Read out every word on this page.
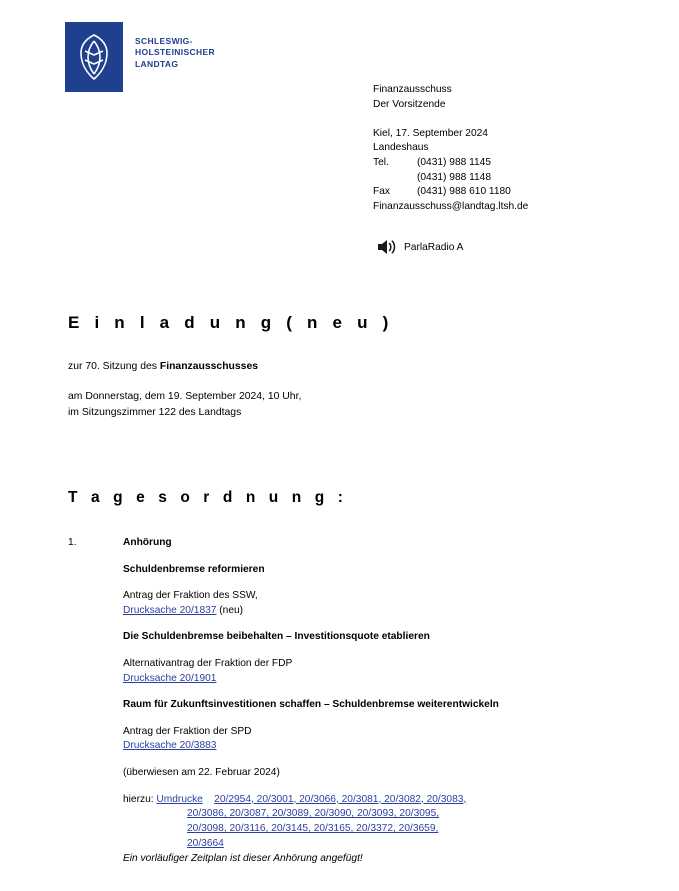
SCHLESWIG-
HOLSTEINISCHER
LANDTAG
Finanzausschuss
Der Vorsitzende
Kiel, 17. September 2024
Landeshaus
Tel.	(0431) 988 1145
(0431) 988 1148
Fax	(0431) 988 610 1180
Finanzausschuss@landtag.ltsh.de
ParlaRadio A
E i n l a d u n g ( n e u )
zur 70. Sitzung des Finanzausschusses
am Donnerstag, dem 19. September 2024, 10 Uhr,
im Sitzungszimmer 122 des Landtags
T a g e s o r d n u n g :
1.	Anhörung
Schuldenbremse reformieren
Antrag der Fraktion des SSW,
Drucksache 20/1837 (neu)
Die Schuldenbremse beibehalten – Investitionsquote etablieren
Alternativantrag der Fraktion der FDP
Drucksache 20/1901
Raum für Zukunftsinvestitionen schaffen – Schuldenbremse weiterentwickeln
Antrag der Fraktion der SPD
Drucksache 20/3883
(überwiesen am 22. Februar 2024)
hierzu: Umdrucke 20/2954, 20/3001, 20/3066, 20/3081, 20/3082, 20/3083,
20/3086, 20/3087, 20/3089, 20/3090, 20/3093, 20/3095,
20/3098, 20/3116, 20/3145, 20/3165, 20/3372, 20/3659,
20/3664
Ein vorläufiger Zeitplan ist dieser Anhörung angefügt!
